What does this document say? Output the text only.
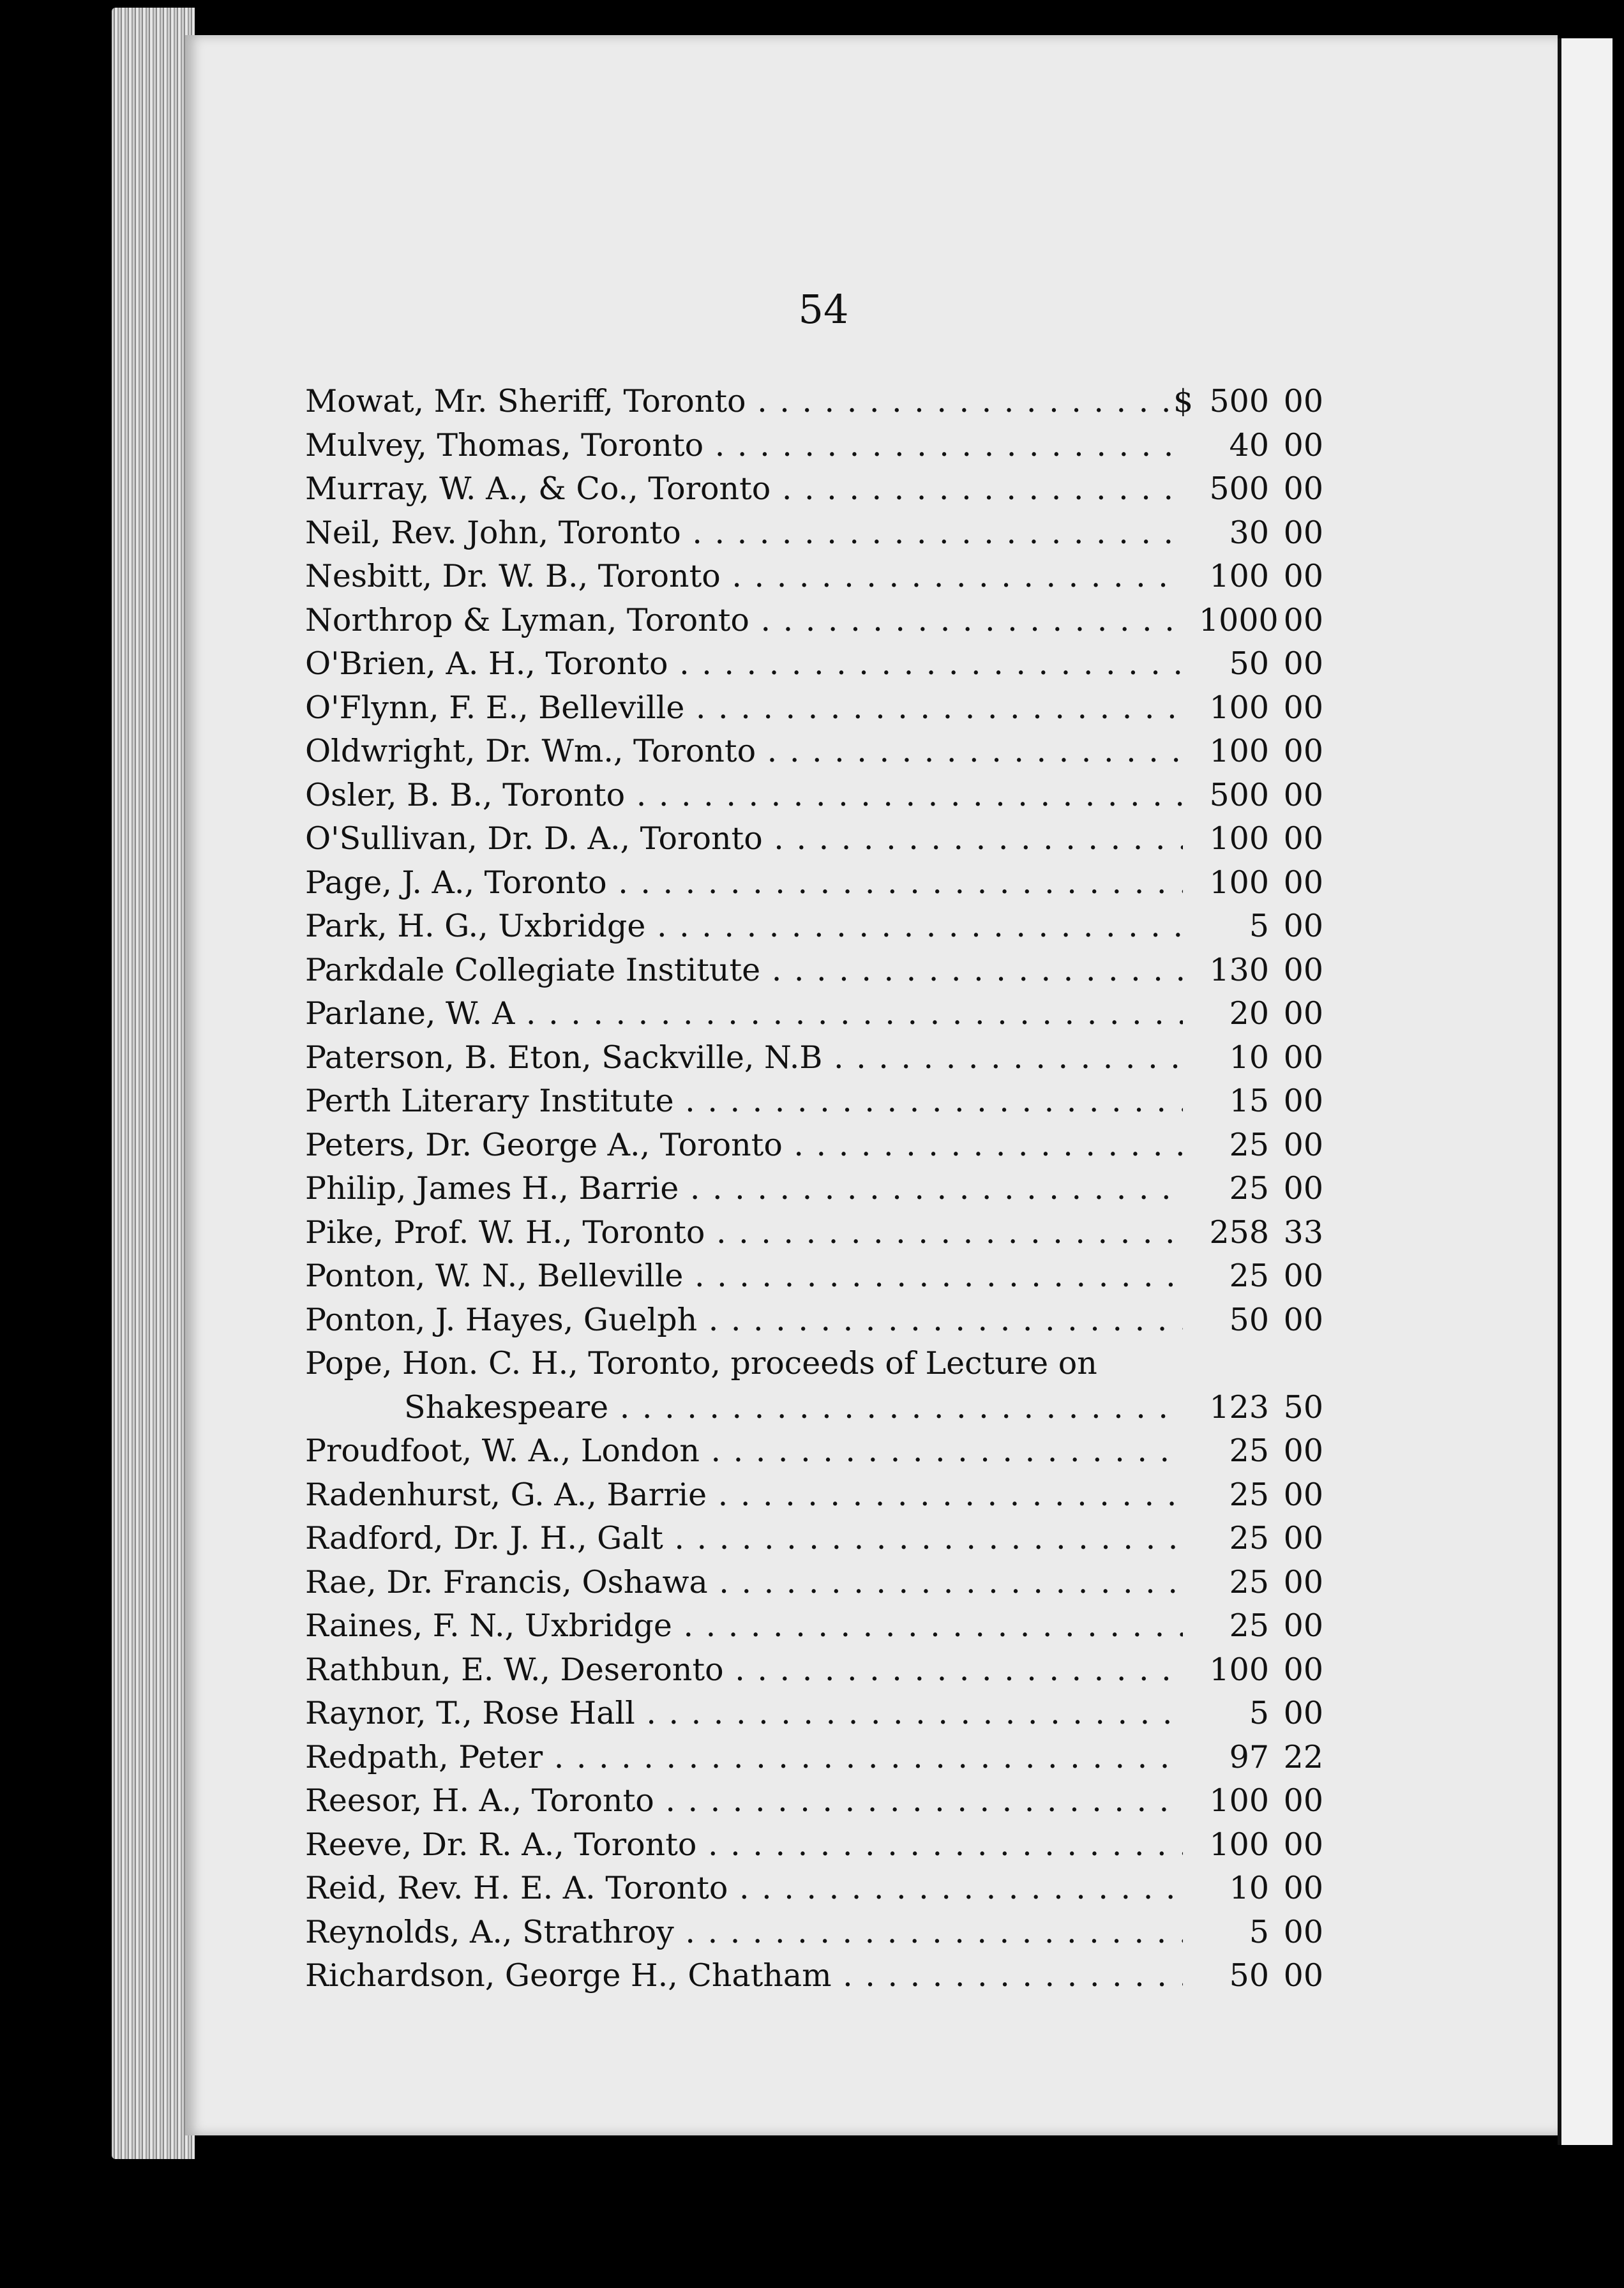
54
Mowat, Mr. Sheriff, Toronto . . .	$ 500 00
Mulvey, Thomas, Toronto . . .	40 00
Murray, W. A., & Co., Toronto . . .	500 00
Neil, Rev. John, Toronto . . .	30 00
Nesbitt, Dr. W. B., Toronto . . .	100 00
Northrop & Lyman, Toronto . . .	1000 00
O'Brien, A. H., Toronto . . .	50 00
O'Flynn, F. E., Belleville . . .	100 00
Oldwright, Dr. Wm., Toronto . . .	100 00
Osler, B. B., Toronto . . .	500 00
O'Sullivan, Dr. D. A., Toronto . . .	100 00
Page, J. A., Toronto . . .	100 00
Park, H. G., Uxbridge . . .	5 00
Parkdale Collegiate Institute . . .	130 00
Parlane, W. A . . .	20 00
Paterson, B. Eton, Sackville, N.B . . .	10 00
Perth Literary Institute . . .	15 00
Peters, Dr. George A., Toronto . . .	25 00
Philip, James H., Barrie . . .	25 00
Pike, Prof. W. H., Toronto . . .	258 33
Ponton, W. N., Belleville . . .	25 00
Ponton, J. Hayes, Guelph . . .	50 00
Pope, Hon. C. H., Toronto, proceeds of Lecture on
Shakespeare . . .	123 50
Proudfoot, W. A., London . . .	25 00
Radenhurst, G. A., Barrie . . .	25 00
Radford, Dr. J. H., Galt . . .	25 00
Rae, Dr. Francis, Oshawa . . .	25 00
Raines, F. N., Uxbridge . . .	25 00
Rathbun, E. W., Deseronto . . .	100 00
Raynor, T., Rose Hall . . .	5 00
Redpath, Peter . . .	97 22
Reesor, H. A., Toronto . . .	100 00
Reeve, Dr. R. A., Toronto . . .	100 00
Reid, Rev. H. E. A. Toronto . . .	10 00
Reynolds, A., Strathroy . . .	5 00
Richardson, George H., Chatham . . .	50 00
